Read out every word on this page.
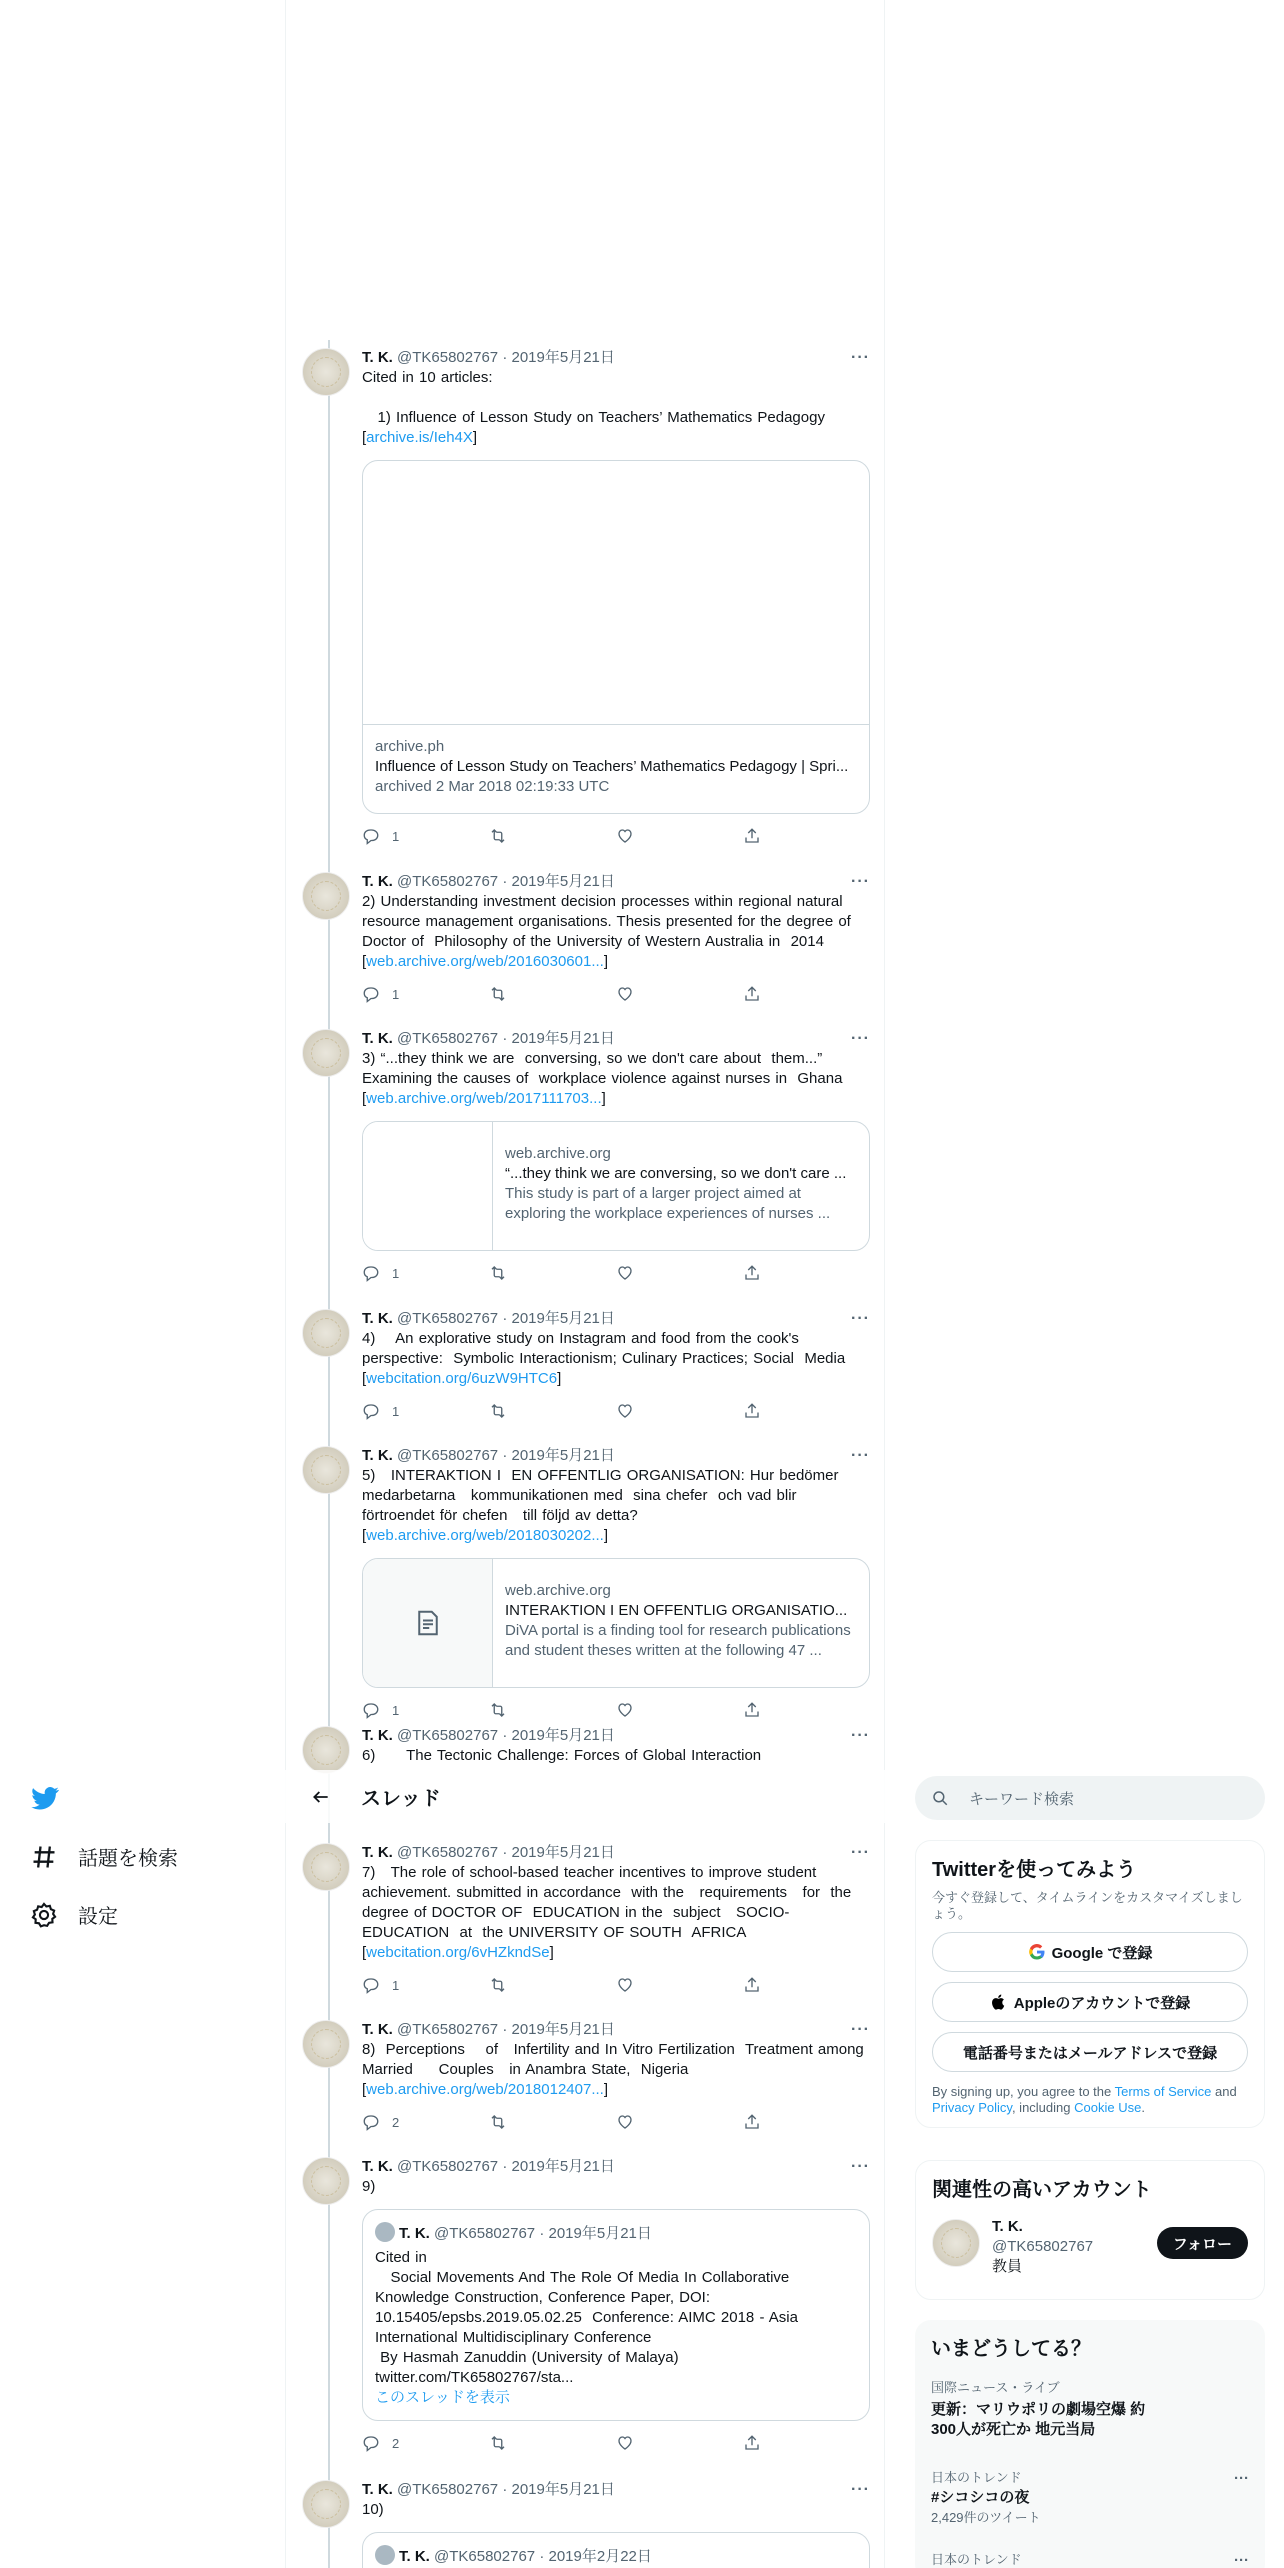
T. K. @TK65802767 · 2019年5月21日	···
Cited in 10 articles:

1) Influence of Lesson Study on Teachers’ Mathematics Pedagogy
[archive.is/Ieh4X]
archive.ph
Influence of Lesson Study on Teachers’ Mathematics Pedagogy | Spri...
archived 2 Mar 2018 02:19:33 UTC
1
T. K. @TK65802767 · 2019年5月21日	···
2) Understanding investment decision processes within regional natural resource management organisations. Thesis presented for the degree of Doctor of  Philosophy of the University of Western Australia in  2014
[web.archive.org/web/2016030601...]
1
T. K. @TK65802767 · 2019年5月21日	···
3) “...they think we are  conversing, so we don't care about  them...” Examining the causes of  workplace violence against nurses in  Ghana
[web.archive.org/web/2017111703...]
web.archive.org
“...they think we are conversing, so we don't care ...
This study is part of a larger project aimed at exploring the workplace experiences of nurses ...
1
T. K. @TK65802767 · 2019年5月21日	···
4)    An explorative study on Instagram and food from the cook's perspective:  Symbolic Interactionism; Culinary Practices; Social  Media
[webcitation.org/6uzW9HTC6]
1
T. K. @TK65802767 · 2019年5月21日	···
5)   INTERAKTION I  EN OFFENTLIG ORGANISATION: Hur bedömer medarbetarna   kommunikationen med  sina chefer  och vad blir förtroendet för chefen   till följd av detta?     [web.archive.org/web/2018030202...]
web.archive.org
INTERAKTION I EN OFFENTLIG ORGANISATIO...
DiVA portal is a finding tool for research publications and student theses written at the following 47 ...
1
T. K. @TK65802767 · 2019年5月21日	···
6)      The Tectonic Challenge: Forces of Global Interaction
T. K. @TK65802767 · 2019年5月21日	···
7)   The role of school-based teacher incentives to improve student achievement. submitted in accordance  with the   requirements   for  the degree of DOCTOR OF  EDUCATION in the  subject   SOCIO-EDUCATION  at  the UNIVERSITY OF SOUTH  AFRICA
[webcitation.org/6vHZkndSe]
1
T. K. @TK65802767 · 2019年5月21日	···
8)  Perceptions    of   Infertility and In Vitro Fertilization  Treatment among   Married     Couples   in Anambra State,  Nigeria
[web.archive.org/web/2018012407...]
2
T. K. @TK65802767 · 2019年5月21日	···
9)
T. K. @TK65802767 · 2019年5月21日
Cited in
Social Movements And The Role Of Media In Collaborative Knowledge Construction, Conference Paper, DOI: 10.15405/epsbs.2019.05.02.25  Conference: AIMC 2018 - Asia International Multidisciplinary Conference
By Hasmah Zanuddin (University of Malaya)
twitter.com/TK65802767/sta...
このスレッドを表示
2
T. K. @TK65802767 · 2019年5月21日	···
10)
T. K. @TK65802767 · 2019年2月22日
スレッド
話題を検索
設定
キーワード検索
Twitterを使ってみよう
今すぐ登録して、タイムラインをカスタマイズしましょう。
Google で登録
Appleのアカウントで登録
電話番号またはメールアドレスで登録
By signing up, you agree to the Terms of Service and Privacy Policy, including Cookie Use.
関連性の高いアカウント
T. K.
@TK65802767
教員
フォロー
いまどうしてる？
国際ニュース・ライブ
更新：マリウポリの劇場空爆 約300人が死亡か 地元当局
日本のトレンド
#シコシコの夜
2,429件のツイート
···
日本のトレンド	···
